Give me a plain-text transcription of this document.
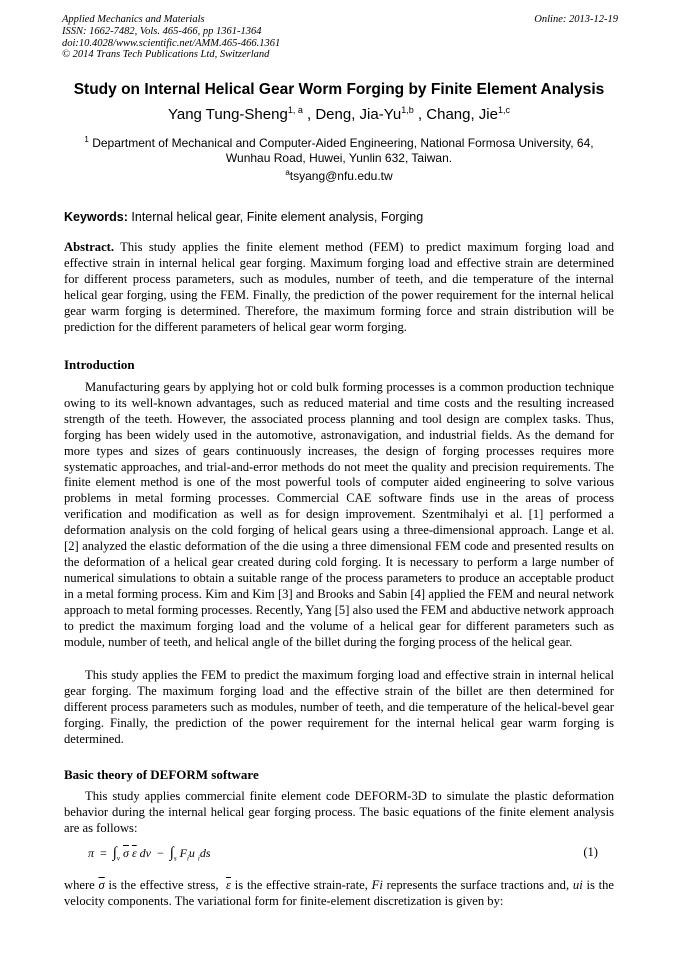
Applied Mechanics and Materials
ISSN: 1662-7482, Vols. 465-466, pp 1361-1364
doi:10.4028/www.scientific.net/AMM.465-466.1361
© 2014 Trans Tech Publications Ltd, Switzerland
Online: 2013-12-19
Study on Internal Helical Gear Worm Forging by Finite Element Analysis
Yang Tung-Sheng$^{1, a}$ , Deng, Jia-Yu$^{1,b}$ , Chang, Jie$^{1,c}$
$^1$ Department of Mechanical and Computer-Aided Engineering, National Formosa University, 64, Wunhau Road, Huwei, Yunlin 632, Taiwan.
$^a$tsyang@nfu.edu.tw
Keywords: Internal helical gear, Finite element analysis, Forging

Abstract. This study applies the finite element method (FEM) to predict maximum forging load and effective strain in internal helical gear forging. Maximum forging load and effective strain are determined for different process parameters, such as modules, number of teeth, and die temperature of the internal helical gear forging, using the FEM. Finally, the prediction of the power requirement for the internal helical gear warm forging is determined. Therefore, the maximum forming force and strain distribution will be prediction for the different parameters of helical gear worm forging.

Introduction

Manufacturing gears by applying hot or cold bulk forming processes is a common production technique owing to its well-known advantages, such as reduced material and time costs and the resulting increased strength of the teeth. However, the associated process planning and tool design are complex tasks. Thus, forging has been widely used in the automotive, astronavigation, and industrial fields. As the demand for more types and sizes of gears continuously increases, the design of forging processes requires more systematic approaches, and trial-and-error methods do not meet the quality and precision requirements. The finite element method is one of the most powerful tools of computer aided engineering to solve various problems in metal forming processes. Commercial CAE software finds use in the areas of process verification and modification as well as for design improvement. Szentmihalyi et al. [1] performed a deformation analysis on the cold forging of helical gears using a three-dimensional approach. Lange et al. [2] analyzed the elastic deformation of the die using a three dimensional FEM code and presented results on the deformation of a helical gear created during cold forging. It is necessary to perform a large number of numerical simulations to obtain a suitable range of the process parameters to produce an acceptable product in a metal forming process. Kim and Kim [3] and Brooks and Sabin [4] applied the FEM and neural network approach to metal forming processes. Recently, Yang [5] also used the FEM and abductive network approach to predict the maximum forging load and the volume of a helical gear for different parameters such as module, number of teeth, and helical angle of the billet during the forging process of the helical gear.

This study applies the FEM to predict the maximum forging load and effective strain in internal helical gear forging. The maximum forging load and the effective strain of the billet are then determined for different process parameters such as modules, number of teeth, and die temperature of the helical-bevel gear forging. Finally, the prediction of the power requirement for the internal helical gear warm forging is determined.

Basic theory of DEFORM software

This study applies commercial finite element code DEFORM-3D to simulate the plastic deformation behavior during the internal helical gear forging process. The basic equations of the finite element analysis are as follows:

$\pi = \int_v$ $\overline{\sigma}$ $\overline{\varepsilon}$ dv − $\int_s$ $F_iu$ $_i$ds	(1)

where $\overline{\sigma}$ is the effective stress, $\overline{\varepsilon}$ is the effective strain-rate, Fi represents the surface tractions and, ui is the velocity components. The variational form for finite-element discretization is given by:
